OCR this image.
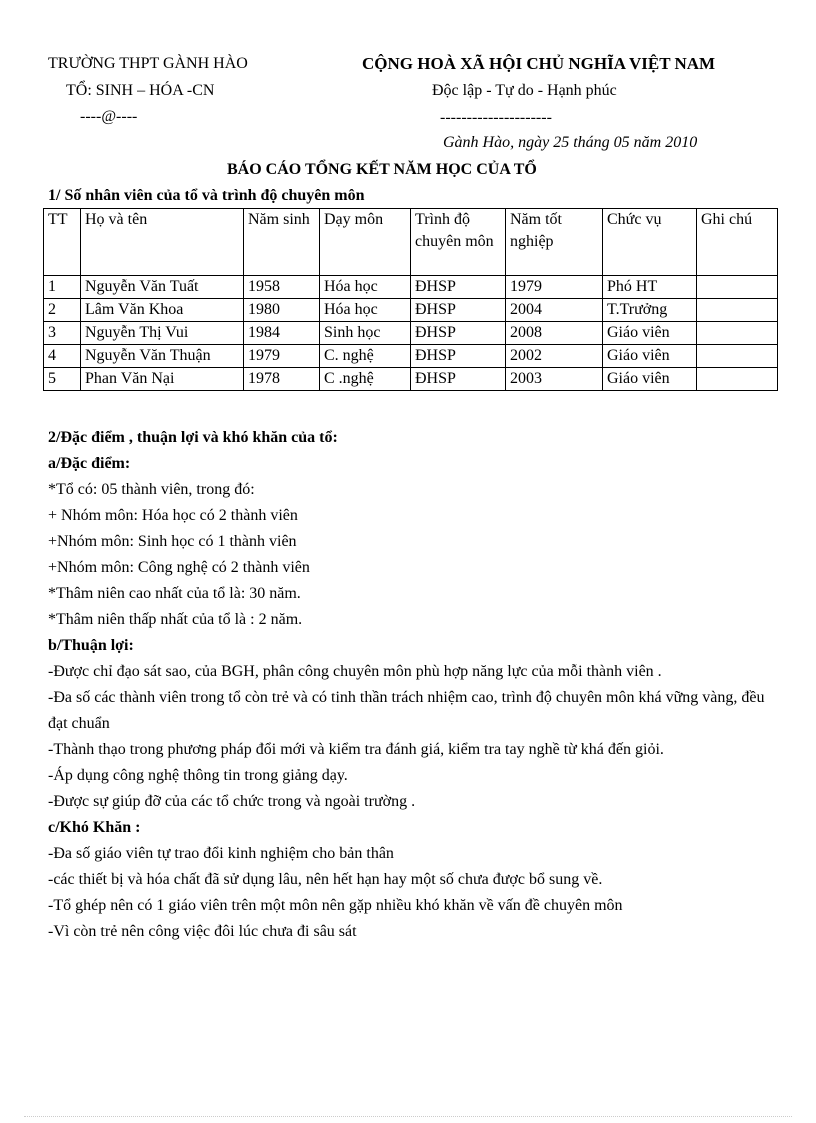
TRƯỜNG THPT GÀNH HÀO
TỔ: SINH – HÓA -CN
----@----
CỘNG HOÀ XÃ HỘI CHỦ NGHĨA VIỆT NAM
Độc lập - Tự do - Hạnh phúc
---------------------
Gành Hào, ngày 25 tháng 05 năm 2010
BÁO CÁO TỔNG KẾT NĂM HỌC CỦA TỔ
1/ Số nhân viên của tổ và trình độ chuyên môn
TT	Họ và tên	Năm sinh	Dạy môn	Trình độ chuyên môn	Năm tốt nghiệp	Chức vụ	Ghi chú
1	Nguyễn Văn Tuất	1958	Hóa học	ĐHSP	1979	Phó HT	
2	Lâm Văn Khoa	1980	Hóa học	ĐHSP	2004	T.Trưởng	
3	Nguyễn Thị Vui	1984	Sinh học	ĐHSP	2008	Giáo viên	
4	Nguyễn Văn Thuận	1979	C. nghệ	ĐHSP	2002	Giáo viên	
5	Phan Văn Nại	1978	C .nghệ	ĐHSP	2003	Giáo viên	
2/Đặc điểm , thuận lợi và khó khăn của tổ:
a/Đặc điểm:
*Tổ có: 05 thành viên, trong đó:
+ Nhóm môn: Hóa học có 2 thành viên
+Nhóm môn: Sinh học có 1 thành viên
+Nhóm môn: Công nghệ có 2 thành viên
*Thâm niên cao nhất của tổ là: 30 năm.
*Thâm niên thấp nhất của tổ là : 2 năm.
b/Thuận lợi:
-Được chỉ đạo sát sao, của BGH, phân công chuyên môn phù hợp năng lực của mỗi thành viên .
-Đa số các thành viên trong tổ còn trẻ và có tinh thần trách nhiệm cao, trình độ chuyên môn khá vững vàng, đều đạt chuẩn
-Thành thạo trong phương pháp đổi mới và kiểm tra đánh giá, kiểm tra tay nghề từ khá đến giỏi.
-Áp dụng công nghệ thông tin trong giảng dạy.
-Được sự giúp đỡ của các tổ chức trong và ngoài trường .
c/Khó Khăn :
-Đa số giáo viên tự trao đổi kinh nghiệm cho bản thân
-các thiết bị và hóa chất đã sử dụng lâu, nên hết hạn hay một số chưa được bổ sung về.
-Tổ ghép nên có 1 giáo viên trên một môn nên gặp nhiều khó khăn về vấn đề chuyên môn
-Vì còn trẻ nên công việc đôi lúc chưa đi sâu sát
